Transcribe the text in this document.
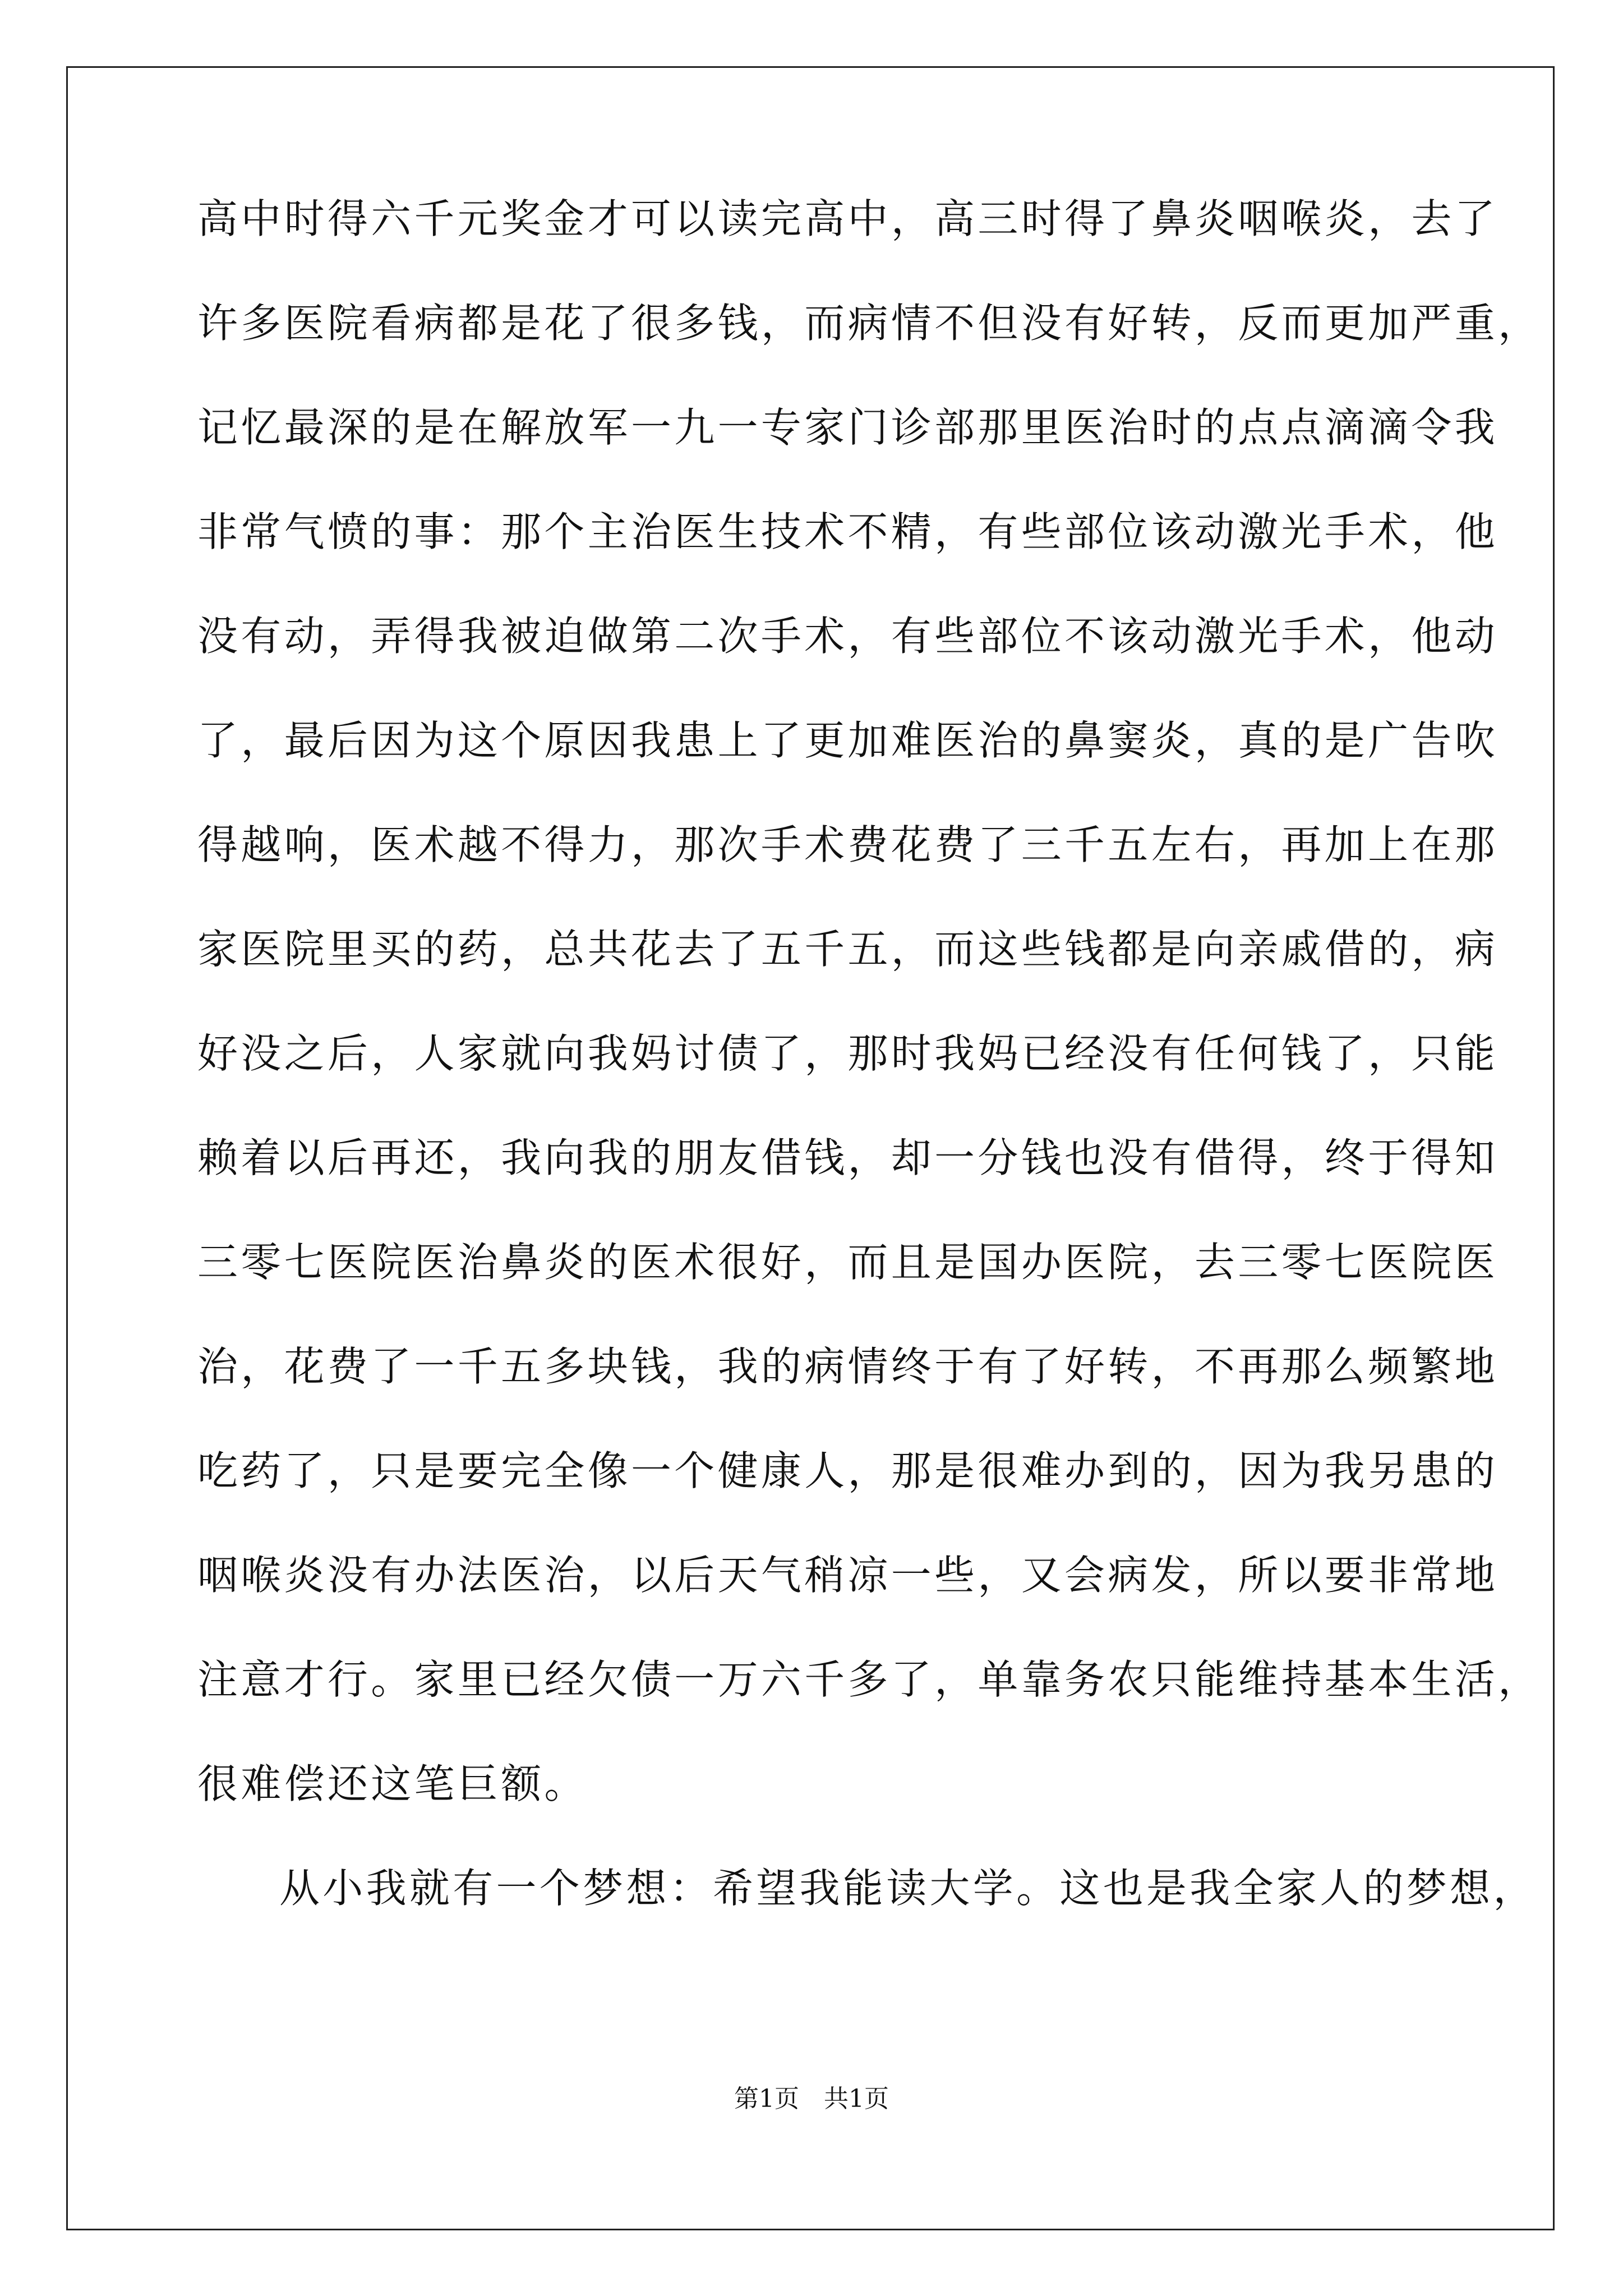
高中时得六千元奖金才可以读完高中，高三时得了鼻炎咽喉炎，去了
许多医院看病都是花了很多钱，而病情不但没有好转，反而更加严重，
记忆最深的是在解放军一九一专家门诊部那里医治时的点点滴滴令我
非常气愤的事：那个主治医生技术不精，有些部位该动激光手术，他
没有动，弄得我被迫做第二次手术，有些部位不该动激光手术，他动
了，最后因为这个原因我患上了更加难医治的鼻窦炎，真的是广告吹
得越响，医术越不得力，那次手术费花费了三千五左右，再加上在那
家医院里买的药，总共花去了五千五，而这些钱都是向亲戚借的，病
好没之后，人家就向我妈讨债了，那时我妈已经没有任何钱了，只能
赖着以后再还，我向我的朋友借钱，却一分钱也没有借得，终于得知
三零七医院医治鼻炎的医术很好，而且是国办医院，去三零七医院医
治，花费了一千五多块钱，我的病情终于有了好转，不再那么频繁地
吃药了，只是要完全像一个健康人，那是很难办到的，因为我另患的
咽喉炎没有办法医治，以后天气稍凉一些，又会病发，所以要非常地
注意才行。家里已经欠债一万六千多了，单靠务农只能维持基本生活，
很难偿还这笔巨额。
从小我就有一个梦想：希望我能读大学。这也是我全家人的梦想，
第1页　共1页
